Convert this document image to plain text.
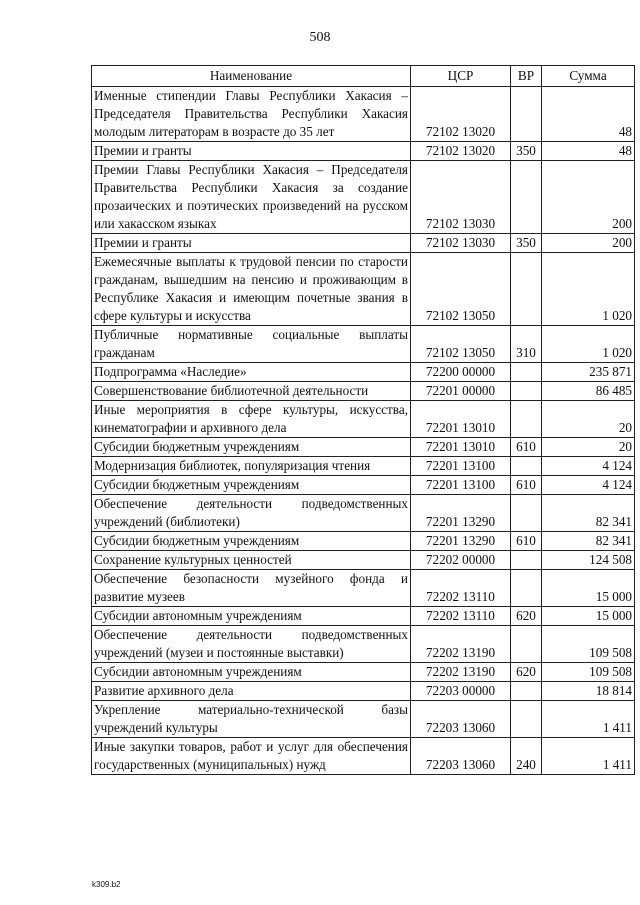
508
Наименование	ЦСР	ВР	Сумма
Именные стипендии Главы Республики Хакасия – Председателя Правительства Республики Хакасия молодым литераторам в возрасте до 35 лет	72102 13020		48
Премии и гранты	72102 13020	350	48
Премии Главы Республики Хакасия – Председателя Правительства Республики Хакасия за создание прозаических и поэтических произведений на русском или хакасском языках	72102 13030		200
Премии и гранты	72102 13030	350	200
Ежемесячные выплаты к трудовой пенсии по старости гражданам, вышедшим на пенсию и проживающим в Республике Хакасия и имеющим почетные звания в сфере культуры и искусства	72102 13050		1 020
Публичные нормативные социальные выплаты гражданам	72102 13050	310	1 020
Подпрограмма «Наследие»	72200 00000		235 871
Совершенствование библиотечной деятельности	72201 00000		86 485
Иные мероприятия в сфере культуры, искусства, кинематографии и архивного дела	72201 13010		20
Субсидии бюджетным учреждениям	72201 13010	610	20
Модернизация библиотек, популяризация чтения	72201 13100		4 124
Субсидии бюджетным учреждениям	72201 13100	610	4 124
Обеспечение деятельности подведомственных учреждений (библиотеки)	72201 13290		82 341
Субсидии бюджетным учреждениям	72201 13290	610	82 341
Сохранение культурных ценностей	72202 00000		124 508
Обеспечение безопасности музейного фонда и развитие музеев	72202 13110		15 000
Субсидии автономным учреждениям	72202 13110	620	15 000
Обеспечение деятельности подведомственных учреждений (музеи и постоянные выставки)	72202 13190		109 508
Субсидии автономным учреждениям	72202 13190	620	109 508
Развитие архивного дела	72203 00000		18 814
Укрепление материально-технической базы учреждений культуры	72203 13060		1 411
Иные закупки товаров, работ и услуг для обеспечения государственных (муниципальных) нужд	72203 13060	240	1 411
k309.b2
